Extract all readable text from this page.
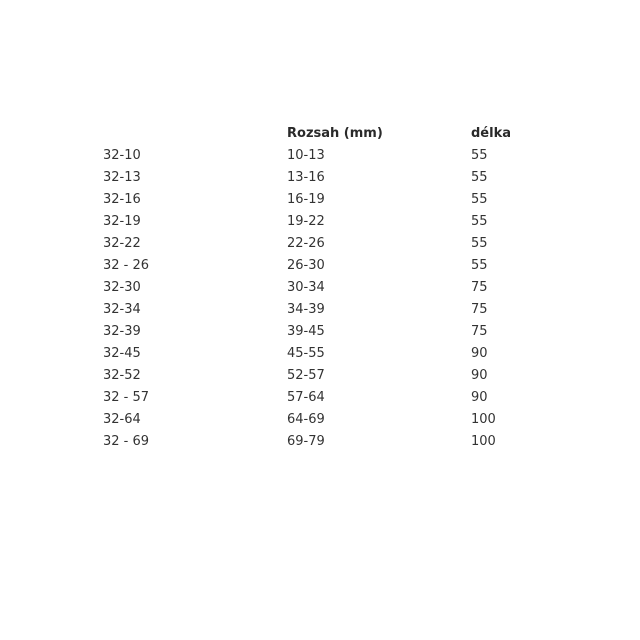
	Rozsah (mm)	délka
32-10	10-13	55
32-13	13-16	55
32-16	16-19	55
32-19	19-22	55
32-22	22-26	55
32 - 26	26-30	55
32-30	30-34	75
32-34	34-39	75
32-39	39-45	75
32-45	45-55	90
32-52	52-57	90
32 - 57	57-64	90
32-64	64-69	100
32 - 69	69-79	100
